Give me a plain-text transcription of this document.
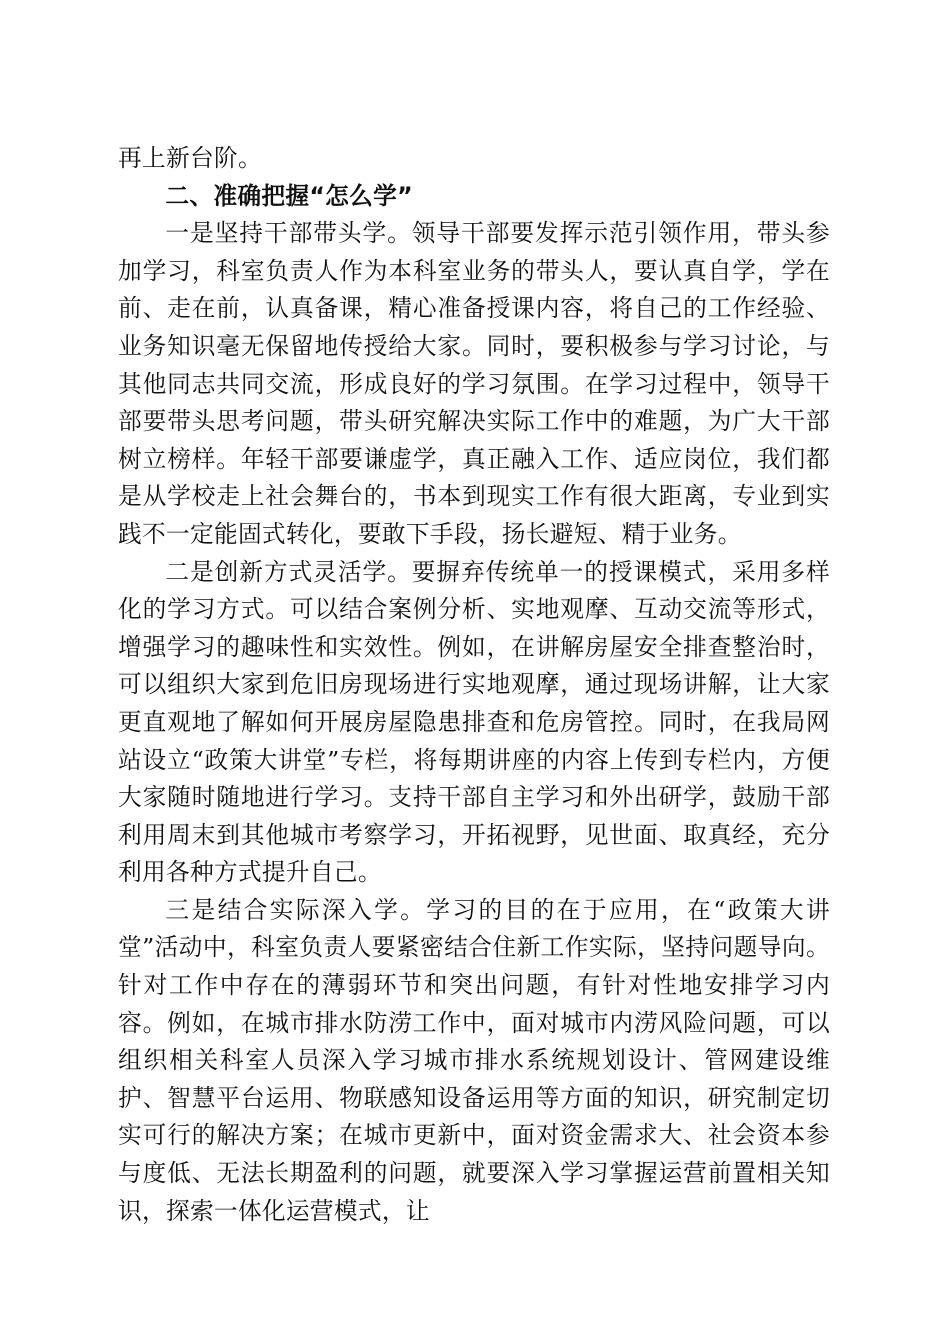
再上新台阶。

二、准确把握“怎么学”

一是坚持干部带头学。领导干部要发挥示范引领作用，带头参加学习，科室负责人作为本科室业务的带头人，要认真自学，学在前、走在前，认真备课，精心准备授课内容，将自己的工作经验、业务知识毫无保留地传授给大家。同时，要积极参与学习讨论，与其他同志共同交流，形成良好的学习氛围。在学习过程中，领导干部要带头思考问题，带头研究解决实际工作中的难题，为广大干部树立榜样。年轻干部要谦虚学，真正融入工作、适应岗位，我们都是从学校走上社会舞台的，书本到现实工作有很大距离，专业到实践不一定能固式转化，要敢下手段，扬长避短、精于业务。

二是创新方式灵活学。要摒弃传统单一的授课模式，采用多样化的学习方式。可以结合案例分析、实地观摩、互动交流等形式，增强学习的趣味性和实效性。例如，在讲解房屋安全排查整治时，可以组织大家到危旧房现场进行实地观摩，通过现场讲解，让大家更直观地了解如何开展房屋隐患排查和危房管控。同时，在我局网站设立“政策大讲堂”专栏，将每期讲座的内容上传到专栏内，方便大家随时随地进行学习。支持干部自主学习和外出研学，鼓励干部利用周末到其他城市考察学习，开拓视野，见世面、取真经，充分利用各种方式提升自己。

三是结合实际深入学。学习的目的在于应用，在“政策大讲堂”活动中，科室负责人要紧密结合住新工作实际，坚持问题导向。针对工作中存在的薄弱环节和突出问题，有针对性地安排学习内容。例如，在城市排水防涝工作中，面对城市内涝风险问题，可以组织相关科室人员深入学习城市排水系统规划设计、管网建设维护、智慧平台运用、物联感知设备运用等方面的知识，研究制定切实可行的解决方案；在城市更新中，面对资金需求大、社会资本参与度低、无法长期盈利的问题，就要深入学习掌握运营前置相关知识，探索一体化运营模式，让
